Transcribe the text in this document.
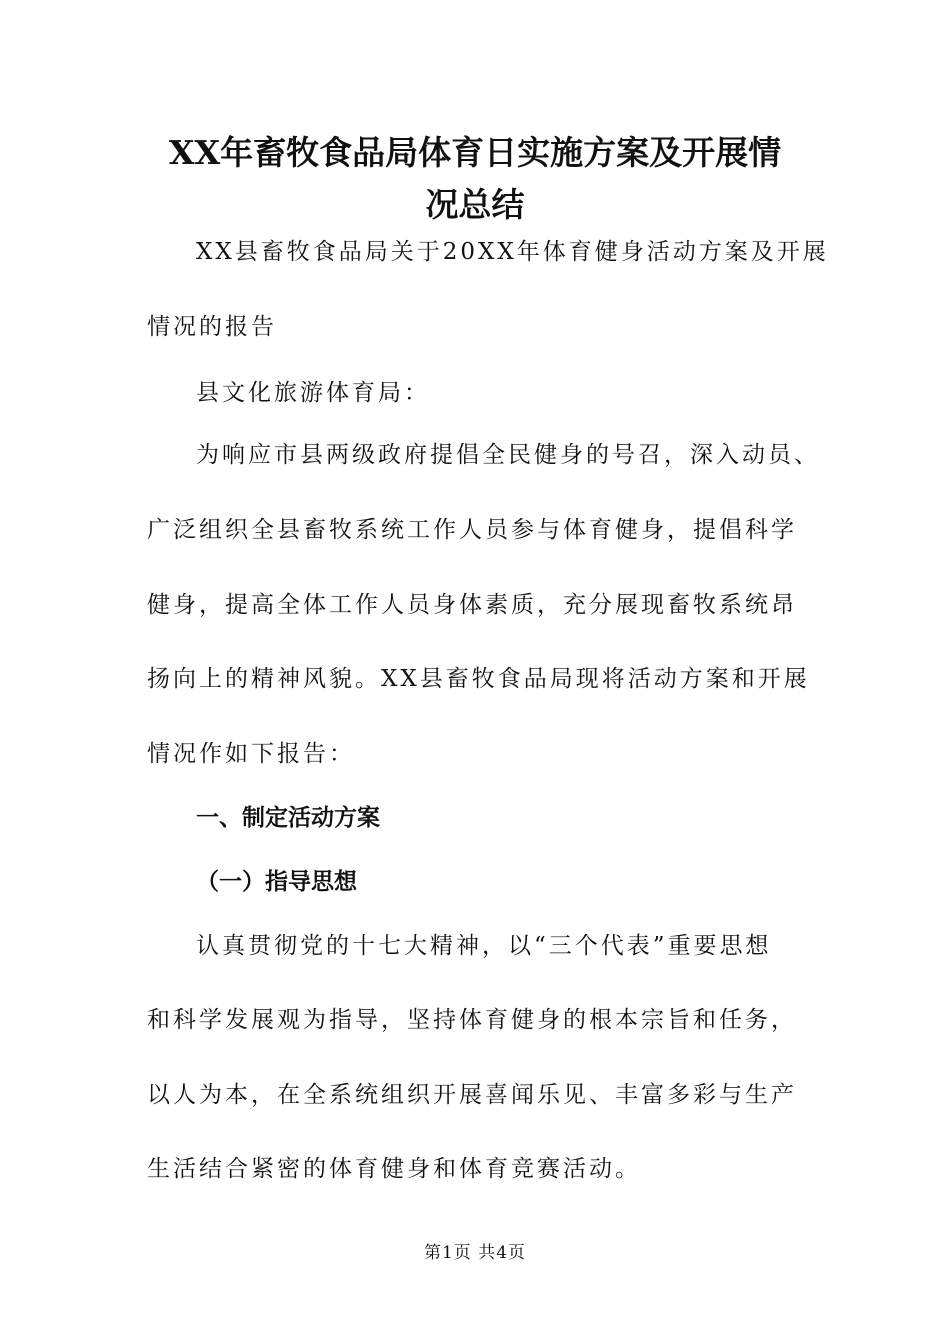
XX年畜牧食品局体育日实施方案及开展情
况总结
XX县畜牧食品局关于20XX年体育健身活动方案及开展
情况的报告
县文化旅游体育局：
为响应市县两级政府提倡全民健身的号召，深入动员、
广泛组织全县畜牧系统工作人员参与体育健身，提倡科学
健身，提高全体工作人员身体素质，充分展现畜牧系统昂
扬向上的精神风貌。XX县畜牧食品局现将活动方案和开展
情况作如下报告：
一、制定活动方案
（一）指导思想
认真贯彻党的十七大精神，以“三个代表”重要思想
和科学发展观为指导，坚持体育健身的根本宗旨和任务，
以人为本，在全系统组织开展喜闻乐见、丰富多彩与生产
生活结合紧密的体育健身和体育竞赛活动。
第1页 共4页
